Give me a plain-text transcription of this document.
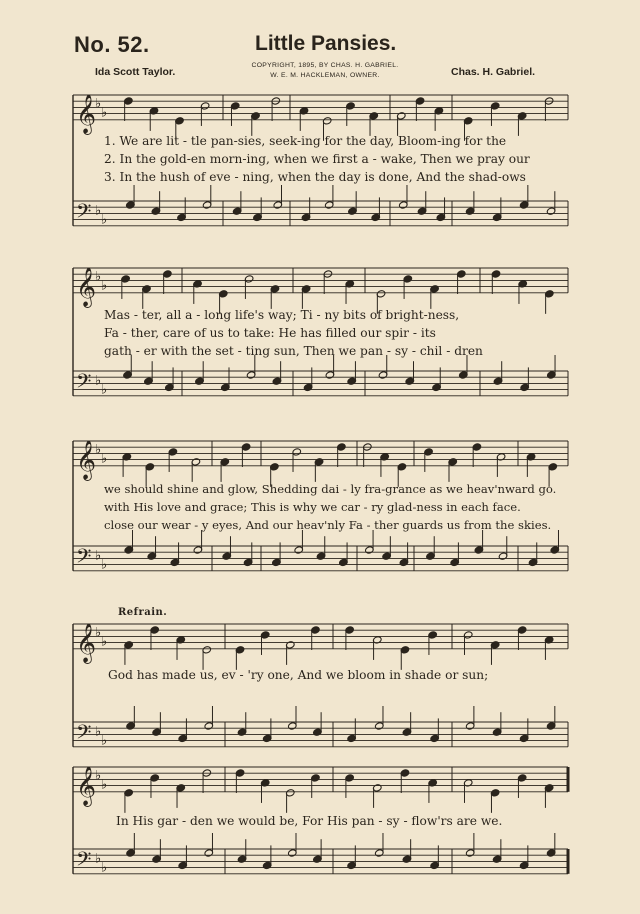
No. 52.	Little Pansies.
Ida Scott Taylor.
COPYRIGHT, 1895, BY CHAS. H. GABRIEL.
W. E. M. HACKLEMAN, OWNER.	Chas. H. Gabriel.
𝄞
𝄢
♭
♭
♭
♭
𝄞
𝄢
♭
♭
♭
♭
𝄞
𝄢
♭
♭
♭
♭
𝄞
𝄢
♭
♭
♭
♭
𝄞
𝄢
♭
♭
♭
♭
Refrain.
1. We are lit - tle pan-sies, seek-ing for the day, Bloom-ing for the
2. In the gold-en morn-ing, when we first a - wake, Then we pray our
3. In the hush of eve - ning, when the day is done, And the shad-ows
Mas - ter, all a - long life's way; Ti - ny bits of bright-ness,
Fa - ther, care of us to take: He has filled our spir - its
gath - er with the set - ting sun, Then we pan - sy - chil - dren
we should shine and glow, Shedding dai - ly fra-grance as we heav'nward go.
with His love and grace; This is why we car - ry glad-ness in each face.
close our wear - y eyes, And our heav'nly Fa - ther guards us from the skies.
God has made us, ev - 'ry one, And we bloom in shade or sun;
In His gar - den we would be, For His pan - sy - flow'rs are we.
